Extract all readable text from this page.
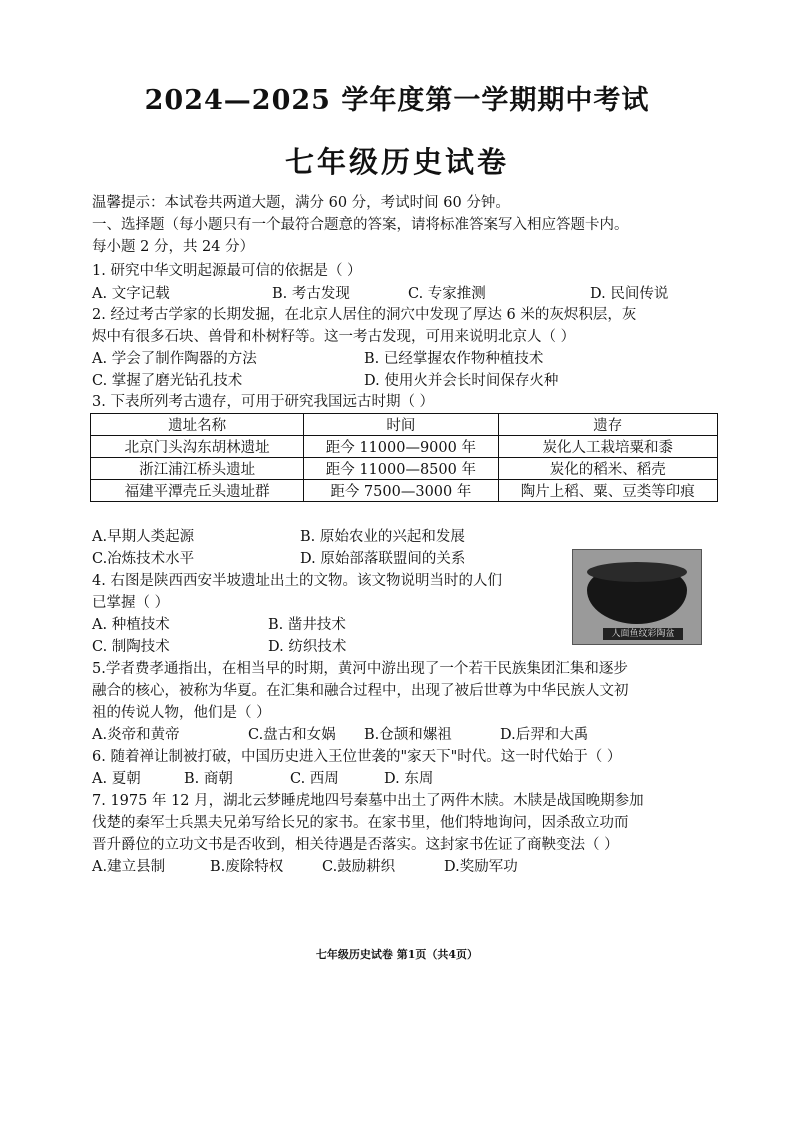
2024—2025 学年度第一学期期中考试
七年级历史试卷
温馨提示：本试卷共两道大题，满分 60 分，考试时间 60 分钟。
一、选择题（每小题只有一个最符合题意的答案，请将标准答案写入相应答题卡内。
每小题 2 分，共 24 分）
1. 研究中华文明起源最可信的依据是（ ）
A. 文字记载	B. 考古发现	C. 专家推测	D. 民间传说
2. 经过考古学家的长期发掘，在北京人居住的洞穴中发现了厚达 6 米的灰烬积层，灰
烬中有很多石块、兽骨和朴树籽等。这一考古发现，可用来说明北京人（ ）
A. 学会了制作陶器的方法	B. 已经掌握农作物种植技术
C. 掌握了磨光钻孔技术	D. 使用火并会长时间保存火种
3. 下表所列考古遗存，可用于研究我国远古时期（ ）
遗址名称	时间	遗存
北京门头沟东胡林遗址	距今 11000—9000 年	炭化人工栽培粟和黍
浙江浦江桥头遗址	距今 11000—8500 年	炭化的稻米、稻壳
福建平潭壳丘头遗址群	距今 7500—3000 年	陶片上稻、粟、豆类等印痕
A.早期人类起源	B. 原始农业的兴起和发展
C.冶炼技术水平	D. 原始部落联盟间的关系
4. 右图是陕西西安半坡遗址出土的文物。该文物说明当时的人们
已掌握（ ）
A. 种植技术	B. 凿井技术
C. 制陶技术	D. 纺织技术
人面鱼纹彩陶盆
5.学者费孝通指出，在相当早的时期，黄河中游出现了一个若干民族集团汇集和逐步
融合的核心，被称为华夏。在汇集和融合过程中，出现了被后世尊为中华民族人文初
祖的传说人物，他们是（ ）
A.炎帝和黄帝	C.盘古和女娲 B.仓颉和嫘祖	D.后羿和大禹
6. 随着禅让制被打破，中国历史进入王位世袭的"家天下"时代。这一时代始于（ ）
A. 夏朝	B. 商朝	C. 西周	D. 东周
7. 1975 年 12 月，湖北云梦睡虎地四号秦墓中出土了两件木牍。木牍是战国晚期参加
伐楚的秦军士兵黑夫兄弟写给长兄的家书。在家书里，他们特地询问，因杀敌立功而
晋升爵位的立功文书是否收到，相关待遇是否落实。这封家书佐证了商鞅变法（ ）
A.建立县制	B.废除特权	C.鼓励耕织	D.奖励军功
七年级历史试卷 第1页（共4页）
